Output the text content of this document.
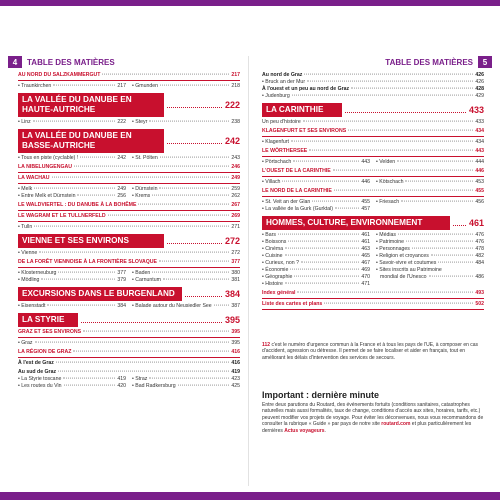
4	TABLE DES MATIÈRES	TABLE DES MATIÈRES	5
AU NORD DU SALZKAMMERGUT	217
• Traunkirchen	217 • Gmunden	218
LA VALLÉE DU DANUBE EN HAUTE-AUTRICHE	222
• Linz	222 • Steyr	238
LA VALLÉE DU DANUBE EN BASSE-AUTRICHE	242
• Tous en piste (cyclable) !	242 • St. Pölten	243
LA NIBELUNGENGAU	246
LA WACHAU	249
• Melk	249
• Entre Melk et Dürnstein	256
• Dürnstein	259
• Krems	262
LE WALDVIERTEL : DU DANUBE À LA BOHÊME	267
LE WAGRAM ET LE TULLNERFELD	269
• Tulln	271
VIENNE ET SES ENVIRONS	272
• Vienne	272
DE LA FORÊT VIENNOISE À LA FRONTIÈRE SLOVAQUE	377
• Klosterneuburg	377
• Mödling	379
• Baden	380
• Carnuntum	381
EXCURSIONS DANS LE BURGENLAND	384
• Eisenstadt	384 • Balade autour du Neusiedler See	387
LA STYRIE	395
GRAZ ET SES ENVIRONS	395
• Graz	395
LA RÉGION DE GRAZ	416
À l'est de Graz	416
Au sud de Graz	419
• La Styrie toscane	419
• Les routes du Vin	420
• Straz	423
• Bad Radkersburg	425
Au nord de Graz	426
• Bruck an der Mur	426
À l'ouest et un peu au nord de Graz	428
• Judenburg	429
LA CARINTHIE	433
Un peu d'histoire	433
KLAGENFURT ET SES ENVIRONS	434
• Klagenfurt	434
LE WÖRTHERSEE	443
• Pörtschach	443 • Velden	444
L'OUEST DE LA CARINTHIE	446
• Villach	446 • Kötschach	453
LE NORD DE LA CARINTHIE	455
• St. Veit an der Glan	455
• La vallée de la Gurk (Gurktal)	457
• Friesach	456
HOMMES, CULTURE, ENVIRONNEMENT	461
• Bars	461
• Boissons	461
• Cinéma	463
• Cuisine	465
• Curieux, non ?	467
• Économie	469
• Géographie	470
• Histoire	471
• Médias	476
• Patrimoine	476
• Personnages	478
• Religion et croyances	482
• Savoir-vivre et coutumes	484
• Sites inscrits au Patrimoine
mondial de l'Unesco	486
Index général	493
Liste des cartes et plans	502
112 c'est le numéro d'urgence commun à la France et à tous les pays de l'UE, à composer en cas d'accident, agression ou détresse. Il permet de se faire localiser et aider en français, tout en améliorant les délais d'intervention des services de secours.
Important : dernière minute
Entre deux parutions du Routard, des événements fortuits (conditions sanitaires, catastrophes naturelles mais aussi formalités, taux de change, conditions d'accès aux sites, horaires, tarifs, etc.) peuvent modifier vos projets de voyage. Pour éviter les déconvenues, nous vous recommandons de consulter la rubrique « Guide » par pays de notre site routard.com et plus particulièrement les dernières Actus voyageurs.
